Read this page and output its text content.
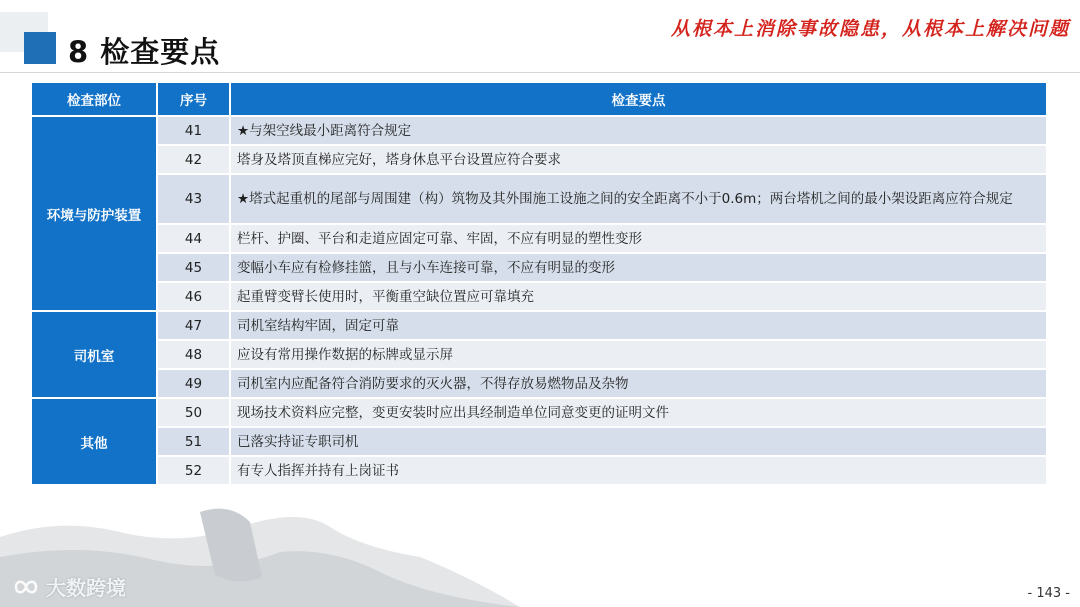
8 检查要点
从根本上消除事故隐患，从根本上解决问题
检查部位	序号	检查要点
环境与防护装置	41	★与架空线最小距离符合规定
	42	塔身及塔顶直梯应完好，塔身休息平台设置应符合要求
	43	★塔式起重机的尾部与周围建（构）筑物及其外围施工设施之间的安全距离不小于0.6m；两台塔机之间的最小架设距离应符合规定
	44	栏杆、护圈、平台和走道应固定可靠、牢固，不应有明显的塑性变形
	45	变幅小车应有检修挂篮，且与小车连接可靠，不应有明显的变形
	46	起重臂变臂长使用时，平衡重空缺位置应可靠填充
司机室	47	司机室结构牢固，固定可靠
	48	应设有常用操作数据的标牌或显示屏
	49	司机室内应配备符合消防要求的灭火器，不得存放易燃物品及杂物
其他	50	现场技术资料应完整，变更安装时应出具经制造单位同意变更的证明文件
	51	已落实持证专职司机
	52	有专人指挥并持有上岗证书
大数跨境	- 143 -
